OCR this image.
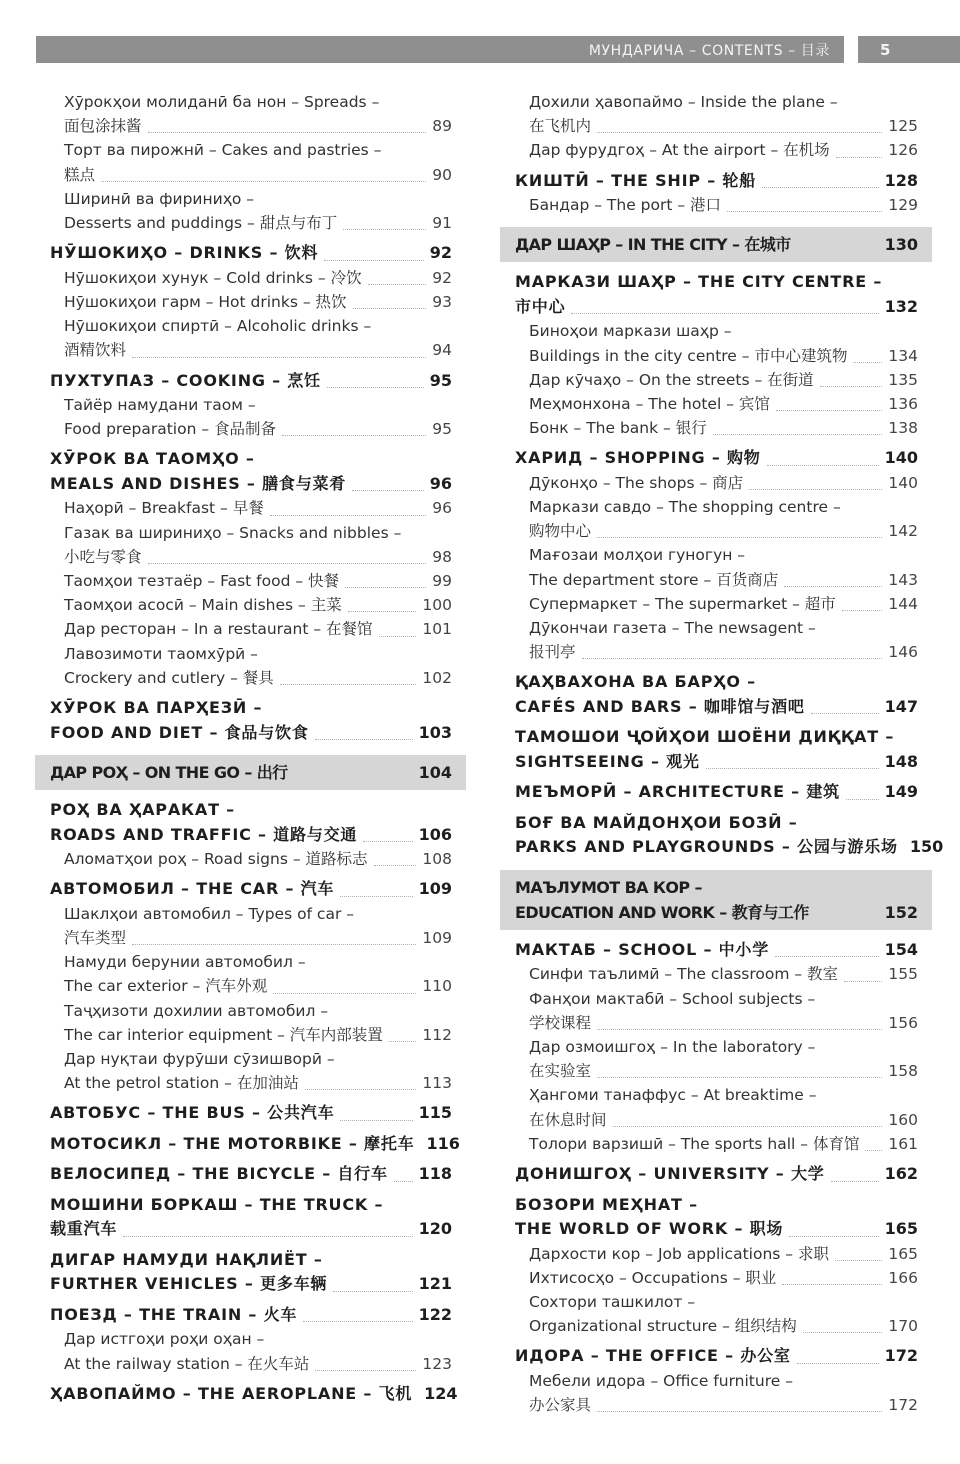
МУНДАРИЧА – CONTENTS – 目录	5
Хӯрокҳои молиданӣ ба нон – Spreads –
面包涂抹酱	89
Торт ва пирожнӣ – Cakes and pastries –
糕点	90
Ширинӣ ва фириниҳо –
Desserts and puddings – 甜点与布丁	91
НӮШОКИҲО – DRINKS – 饮料	92
Нӯшокиҳои хунук – Cold drinks – 冷饮	92
Нӯшокиҳои гарм – Hot drinks – 热饮	93
Нӯшокиҳои спиртӣ – Alcoholic drinks –
酒精饮料	94
ПУХТУПАЗ – COOKING – 烹饪	95
Тайёр намудани таом –
Food preparation – 食品制备	95
ХӮРОК ВА ТАОМҲО –
MEALS AND DISHES – 膳食与菜肴	96
Наҳорӣ – Breakfast – 早餐	96
Газак ва шириниҳо – Snacks and nibbles –
小吃与零食	98
Таомҳои тезтаёр – Fast food – 快餐	99
Таомҳои асосӣ – Main dishes – 主菜	100
Дар ресторан – In a restaurant – 在餐馆	101
Лавозимоти таомхӯрӣ –
Crockery and cutlery – 餐具	102
ХӮРОК ВА ПАРҲЕЗӢ –
FOOD AND DIET – 食品与饮食	103
ДАР РОҲ – ON THE GO – 出行	104
РОҲ ВА ҲАРАКАТ –
ROADS AND TRAFFIC – 道路与交通	106
Аломатҳои роҳ – Road signs – 道路标志	108
АВТОМОБИЛ – THE CAR – 汽车	109
Шаклҳои автомобил – Types of car –
汽车类型	109
Намуди берунии автомобил –
The car exterior – 汽车外观	110
Таҷҳизоти дохилии автомобил –
The car interior equipment – 汽车内部装置	112
Дар нуқтаи фурӯши сӯзишворӣ –
At the petrol station – 在加油站	113
АВТОБУС – THE BUS – 公共汽车	115
МОТОСИКЛ – THE MOTORBIKE – 摩托车 116
ВЕЛОСИПЕД – THE BICYCLE – 自行车 118
МОШИНИ БОРКАШ – THE TRUCK –
载重汽车	120
ДИГАР НАМУДИ НАҚЛИЁТ –
FURTHER VEHICLES – 更多车辆	121
ПОЕЗД – THE TRAIN – 火车	122
Дар истгоҳи роҳи оҳан –
At the railway station – 在火车站	123
ҲАВОПАЙМО – THE AEROPLANE – 飞机 124
Дохили ҳавопаймо – Inside the plane –
在飞机内	125
Дар фурудгоҳ – At the airport – 在机场	126
КИШТӢ – THE SHIP – 轮船	128
Бандар – The port – 港口	129
ДАР ШАҲР – IN THE CITY – 在城市	130
МАРКАЗИ ШАҲР – THE CITY CENTRE –
市中心	132
Биноҳои маркази шаҳр –
Buildings in the city centre – 市中心建筑物	134
Дар кӯчаҳо – On the streets – 在街道	135
Меҳмонхона – The hotel – 宾馆	136
Бонк – The bank – 银行	138
ХАРИД – SHOPPING – 购物	140
Дӯконҳо – The shops – 商店	140
Маркази савдо – The shopping centre –
购物中心	142
Мағозаи молҳои гуногун –
The department store – 百货商店	143
Супермаркет – The supermarket – 超市	144
Дӯкончаи газета – The newsagent –
报刊亭	146
ҚАҲВАХОНА ВА БАРҲО –
CAFÉS AND BARS – 咖啡馆与酒吧	147
ТАМОШОИ ҶОЙҲОИ ШОЁНИ ДИҚҚАТ –
SIGHTSEEING – 观光	148
МЕЪМОРӢ – ARCHITECTURE – 建筑	149
БОҒ ВА МАЙДОНҲОИ БОЗӢ –
PARKS AND PLAYGROUNDS – 公园与游乐场 150
МАЪЛУМОТ ВА КОР –
EDUCATION AND WORK – 教育与工作	152
МАКТАБ – SCHOOL – 中小学	154
Синфи таълимӣ – The classroom – 教室	155
Фанҳои мактабӣ – School subjects –
学校课程	156
Дар озмоишгоҳ – In the laboratory –
在实验室	158
Ҳангоми танаффус – At breaktime –
在休息时间	160
Толори варзишӣ – The sports hall – 体育馆 161
ДОНИШГОҲ – UNIVERSITY – 大学	162
БОЗОРИ МЕҲНАТ –
THE WORLD OF WORK – 职场	165
Дархости кор – Job applications – 求职	165
Ихтисосҳо – Occupations – 职业	166
Сохтори ташкилот –
Organizational structure – 组织结构	170
ИДОРА – THE OFFICE – 办公室	172
Мебели идора – Office furniture –
办公家具	172
